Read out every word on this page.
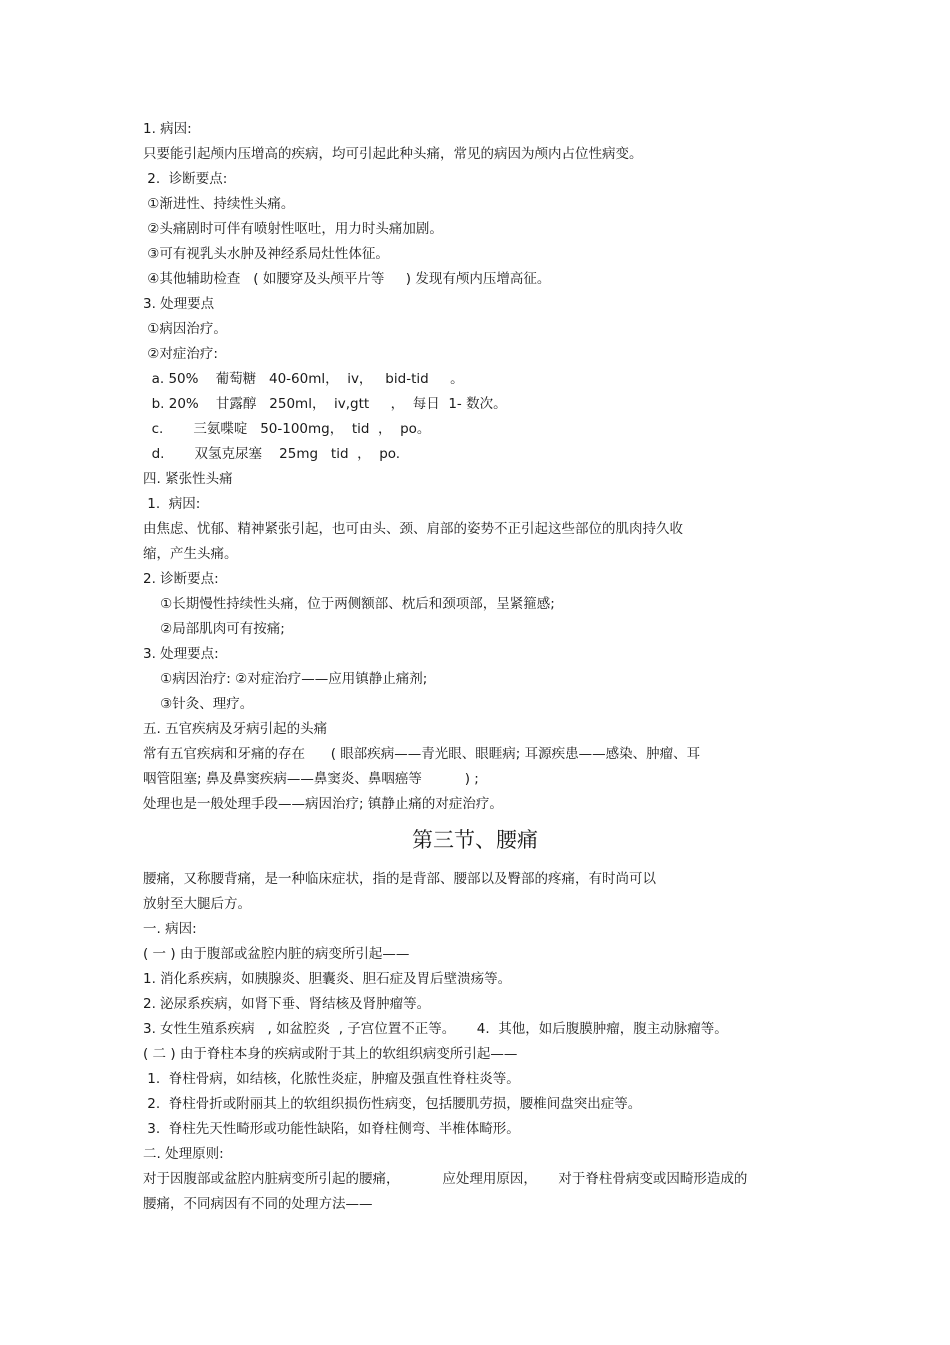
1. 病因:
只要能引起颅内压增高的疾病，均可引起此种头痛，常见的病因为颅内占位性病变。
2.  诊断要点:
①渐进性、持续性头痛。
②头痛剧时可伴有喷射性呕吐，用力时头痛加剧。
③可有视乳头水肿及神经系局灶性体征。
④其他辅助检查   ( 如腰穿及头颅平片等     ) 发现有颅内压增高征。
3. 处理要点
①病因治疗。
②对症治疗:
a. 50%    葡萄糖   40-60ml，  iv，   bid-tid     。
b. 20%    甘露醇   250ml，  iv,gtt     ，  每日  1- 数次。
c.       三氨喋啶   50-100mg，  tid  ，  po。
d.       双氢克尿塞    25mg   tid  ，  po.
四. 紧张性头痛
1.  病因:
由焦虑、忧郁、精神紧张引起，也可由头、颈、肩部的姿势不正引起这些部位的肌肉持久收
缩，产生头痛。
2. 诊断要点:
①长期慢性持续性头痛，位于两侧额部、枕后和颈项部，呈紧箍感;
②局部肌肉可有按痛;
3. 处理要点:
①病因治疗: ②对症治疗——应用镇静止痛剂;
③针灸、理疗。
五. 五官疾病及牙病引起的头痛
常有五官疾病和牙痛的存在      ( 眼部疾病——青光眼、眼睚病; 耳源疾患——感染、肿瘤、耳
咽管阻塞; 鼻及鼻窦疾病——鼻窦炎、鼻咽癌等          ) ;
处理也是一般处理手段——病因治疗; 镇静止痛的对症治疗。
第三节、腰痛
腰痛，又称腰背痛，是一种临床症状，指的是背部、腰部以及臀部的疼痛，有时尚可以
放射至大腿后方。
一. 病因:
( 一 ) 由于腹部或盆腔内脏的病变所引起——
1. 消化系疾病，如胰腺炎、胆囊炎、胆石症及胃后壁溃疡等。
2. 泌尿系疾病，如肾下垂、肾结核及肾肿瘤等。
3. 女性生殖系疾病   , 如盆腔炎  , 子宫位置不正等。     4.  其他，如后腹膜肿瘤，腹主动脉瘤等。
( 二 ) 由于脊柱本身的疾病或附于其上的软组织病变所引起——
1.  脊柱骨病，如结核，化脓性炎症，肿瘤及强直性脊柱炎等。
2.  脊柱骨折或附丽其上的软组织损伤性病变，包括腰肌劳损，腰椎间盘突出症等。
3.  脊柱先天性畸形或功能性缺陷，如脊柱侧弯、半椎体畸形。
二. 处理原则:
对于因腹部或盆腔内脏病变所引起的腰痛，          应处理用原因，     对于脊柱骨病变或因畸形造成的
腰痛，不同病因有不同的处理方法——
